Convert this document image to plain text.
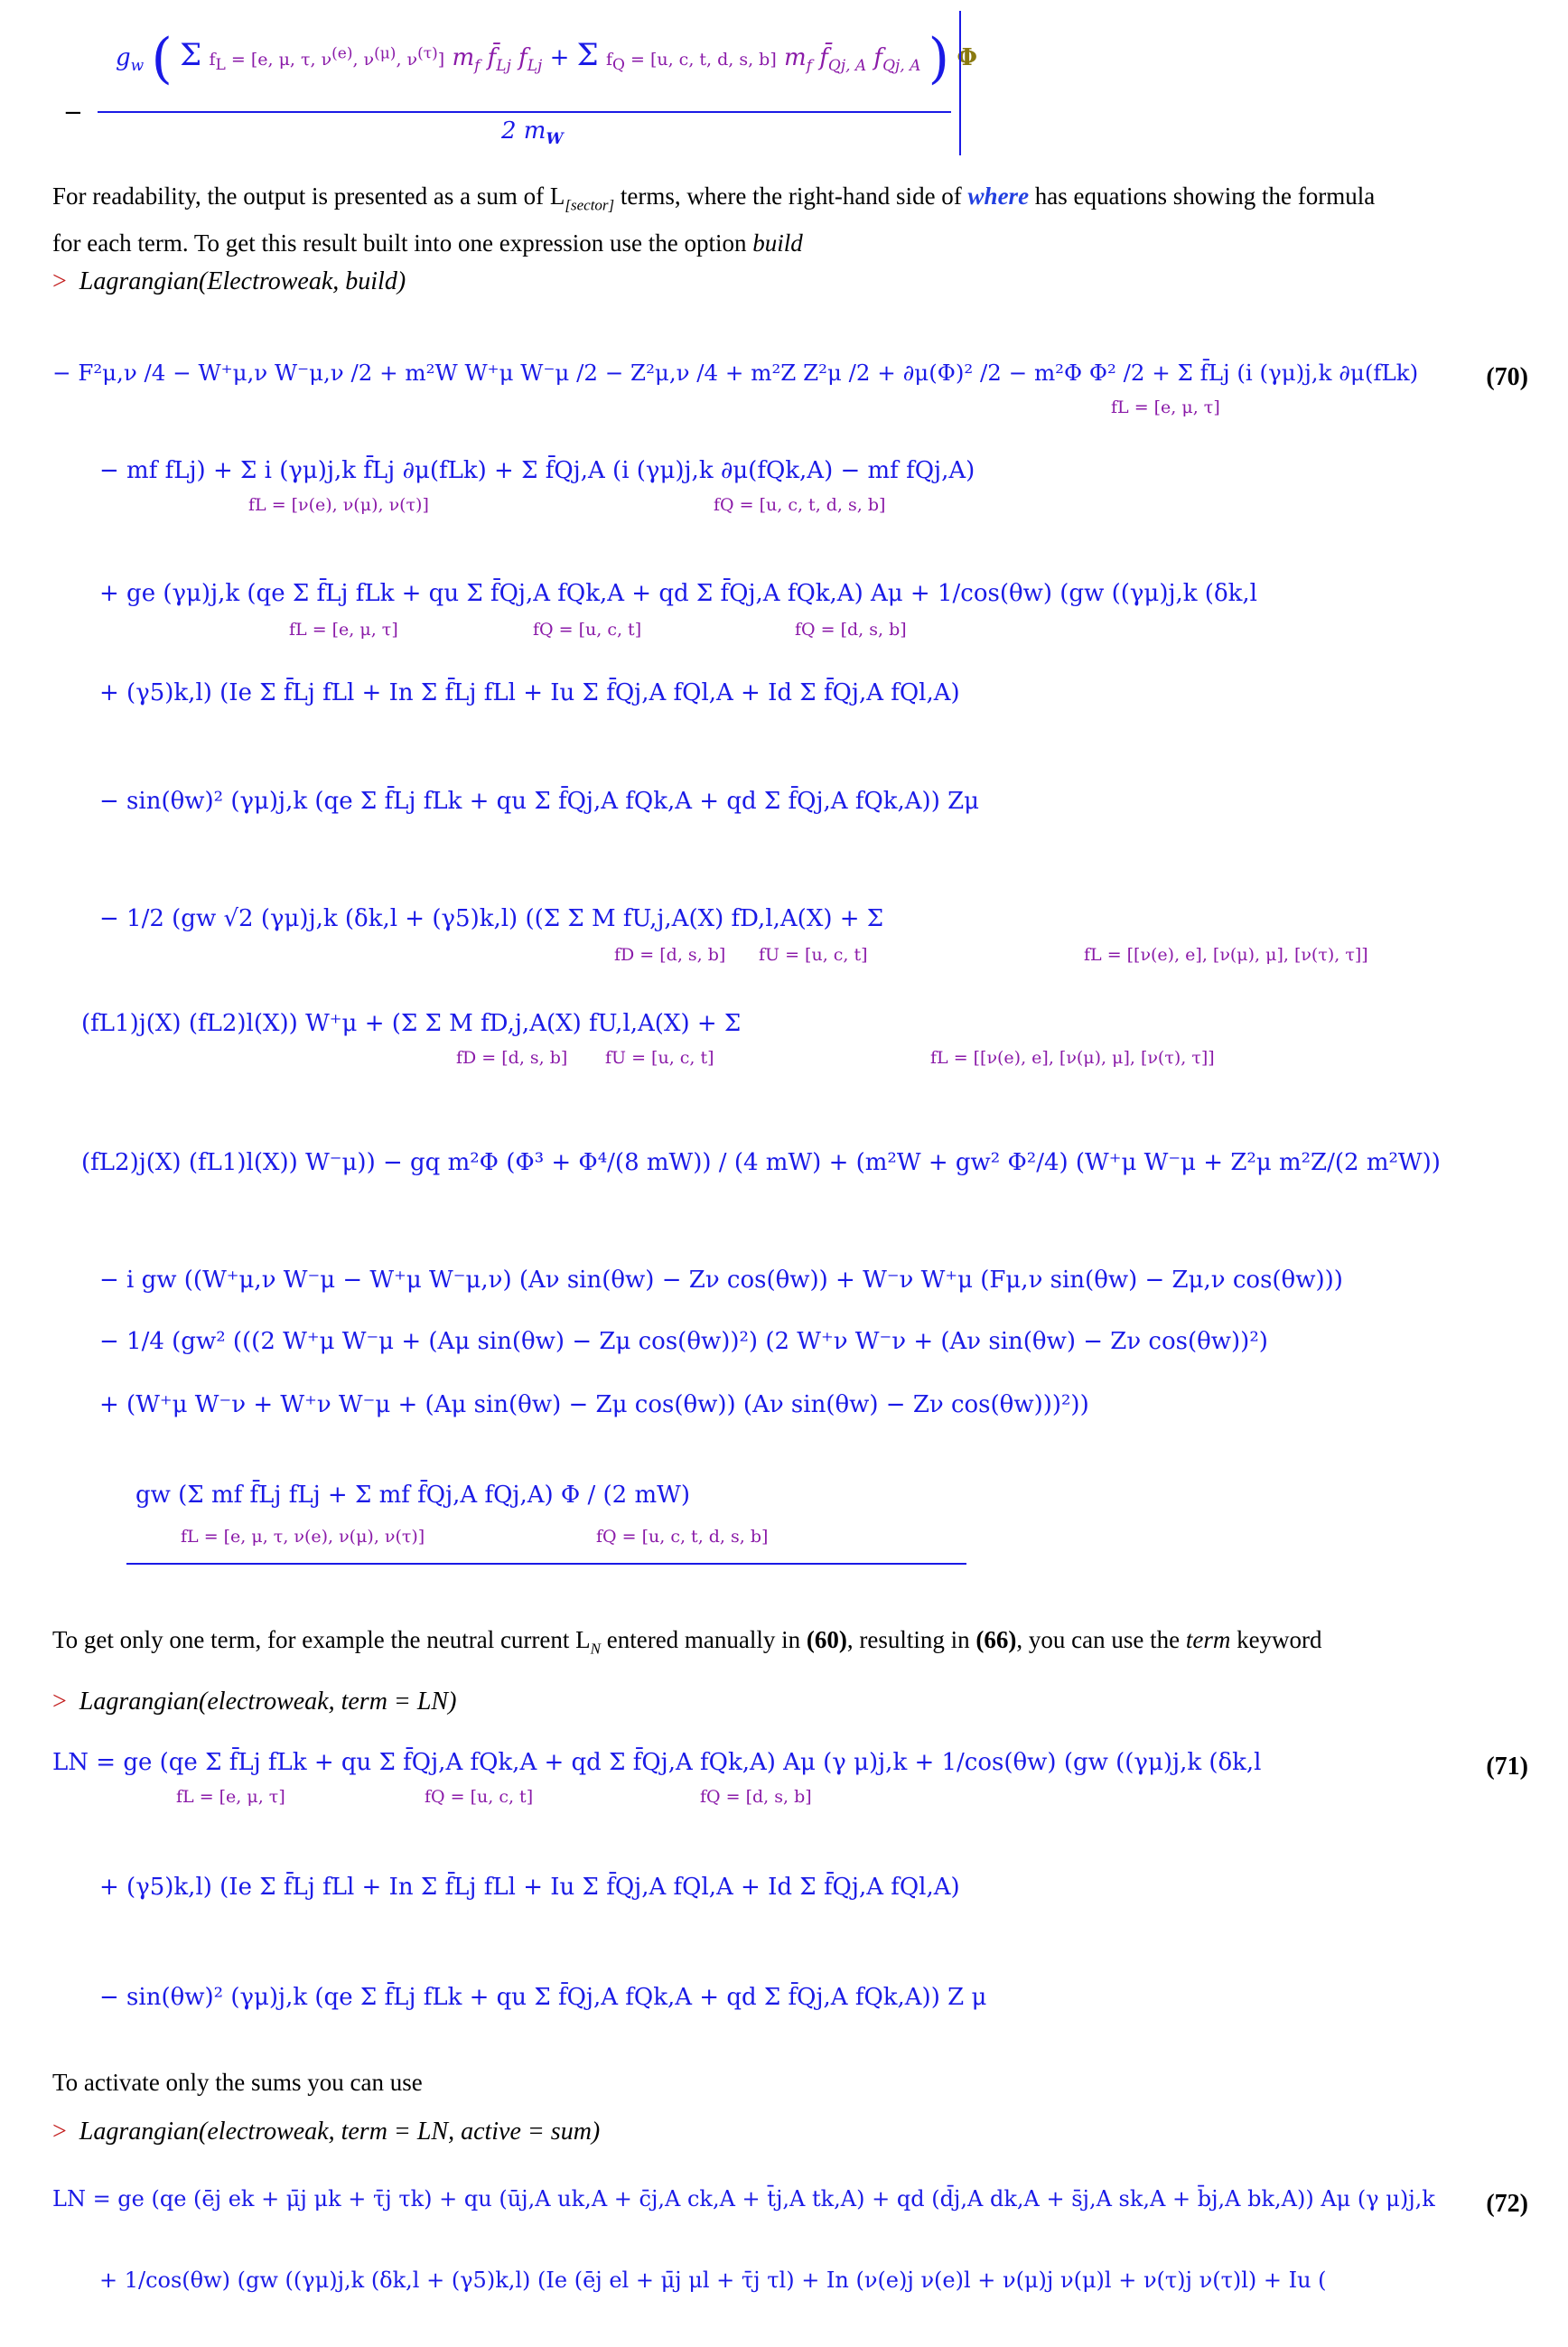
$g_w$ ( Σ $f_L = [e$, μ, τ, $\nu^{(e)}$, $\nu^{(\mu)}$, $\nu^{(\tau)}$] $m_f$ $f̄_{Lj}$ $f_{Lj} + \Sigma$ $f_Q = [u$, c, t, d, s, b] $m_f$ $f̄_{Qj, A}$ $f_{Qj, A}$ ) Φ
−
2 $m_W$
For readability, the output is presented as a sum of $L_{[sector]}$ terms, where the right-hand side of where has equations showing the formula
for each term. To get this result built into one expression use the option build
> Lagrangian(Electroweak, build)
(70)
− F²μ,ν /4 − W⁺μ,ν W⁻μ,ν /2 + m²W W⁺μ W⁻μ /2 − Z²μ,ν /4 + m²Z Z²μ /2 + ∂μ(Φ)² /2 − m²Φ Φ² /2 + Σ f̄Lj (i (γμ)j,k ∂μ(fLk)
− mf fLj) + Σ i (γμ)j,k f̄Lj ∂μ(fLk) + Σ f̄Qj,A (i (γμ)j,k ∂μ(fQk,A) − mf fQj,A)
+ ge (γμ)j,k (qe Σ f̄Lj fLk + qu Σ f̄Qj,A fQk,A + qd Σ f̄Qj,A fQk,A) Aμ + 1/cos(θw) (gw ((γμ)j,k (δk,l
+ (γ5)k,l) (Ie Σ f̄Lj fLl + In Σ f̄Lj fLl + Iu Σ f̄Qj,A fQl,A + Id Σ f̄Qj,A fQl,A)
− sin(θw)² (γμ)j,k (qe Σ f̄Lj fLk + qu Σ f̄Qj,A fQk,A + qd Σ f̄Qj,A fQk,A)) Zμ
− 1/2 (gw √2 (γμ)j,k (δk,l + (γ5)k,l) ((Σ Σ M fU,j,A(X) fD,l,A(X) + Σ
(fL1)j(X) (fL2)l(X)) W⁺μ + (Σ Σ M fD,j,A(X) fU,l,A(X) + Σ
(fL2)j(X) (fL1)l(X)) W⁻μ)) − gq m²Φ (Φ³ + Φ⁴/(8 mW)) / (4 mW) + (m²W + gw² Φ²/4) (W⁺μ W⁻μ + Z²μ m²Z/(2 m²W))
− i gw ((W⁺μ,ν W⁻μ − W⁺μ W⁻μ,ν) (Aν sin(θw) − Zν cos(θw)) + W⁻ν W⁺μ (Fμ,ν sin(θw) − Zμ,ν cos(θw)))
− 1/4 (gw² (((2 W⁺μ W⁻μ + (Aμ sin(θw) − Zμ cos(θw))²) (2 W⁺ν W⁻ν + (Aν sin(θw) − Zν cos(θw))²)
+ (W⁺μ W⁻ν + W⁺ν W⁻μ + (Aμ sin(θw) − Zμ cos(θw)) (Aν sin(θw) − Zν cos(θw)))²))
gw (Σ mf f̄Lj fLj + Σ mf f̄Qj,A fQj,A) Φ / (2 mW)
fL = [e, μ, τ]
fL = [ν(e), ν(μ), ν(τ)]	fQ = [u, c, t, d, s, b]
fL = [e, μ, τ]	fQ = [u, c, t]	fQ = [d, s, b]
fD = [d, s, b] fU = [u, c, t]	fL = [[ν(e), e], [ν(μ), μ], [ν(τ), τ]]
fD = [d, s, b] fU = [u, c, t]	fL = [[ν(e), e], [ν(μ), μ], [ν(τ), τ]]
fL = [e, μ, τ, ν(e), ν(μ), ν(τ)]	fQ = [u, c, t, d, s, b]
To get only one term, for example the neutral current $L_N$ entered manually in (60), resulting in (66), you can use the term keyword
> Lagrangian(electroweak, term = LN)
(71)
LN = ge (qe Σ f̄Lj fLk + qu Σ f̄Qj,A fQk,A + qd Σ f̄Qj,A fQk,A) Aμ (γ μ)j,k + 1/cos(θw) (gw ((γμ)j,k (δk,l
+ (γ5)k,l) (Ie Σ f̄Lj fLl + In Σ f̄Lj fLl + Iu Σ f̄Qj,A fQl,A + Id Σ f̄Qj,A fQl,A)
− sin(θw)² (γμ)j,k (qe Σ f̄Lj fLk + qu Σ f̄Qj,A fQk,A + qd Σ f̄Qj,A fQk,A)) Z μ
fL = [e, μ, τ]	fQ = [u, c, t]	fQ = [d, s, b]
To activate only the sums you can use
> Lagrangian(electroweak, term = LN, active = sum)
(72)
LN = ge (qe (ēj ek + μ̄j μk + τ̄j τk) + qu (ūj,A uk,A + c̄j,A ck,A + t̄j,A tk,A) + qd (d̄j,A dk,A + s̄j,A sk,A + b̄j,A bk,A)) Aμ (γ μ)j,k
+ 1/cos(θw) (gw ((γμ)j,k (δk,l + (γ5)k,l) (Ie (ēj el + μ̄j μl + τ̄j τl) + In (ν(e)j ν(e)l + ν(μ)j ν(μ)l + ν(τ)j ν(τ)l) + Iu (
